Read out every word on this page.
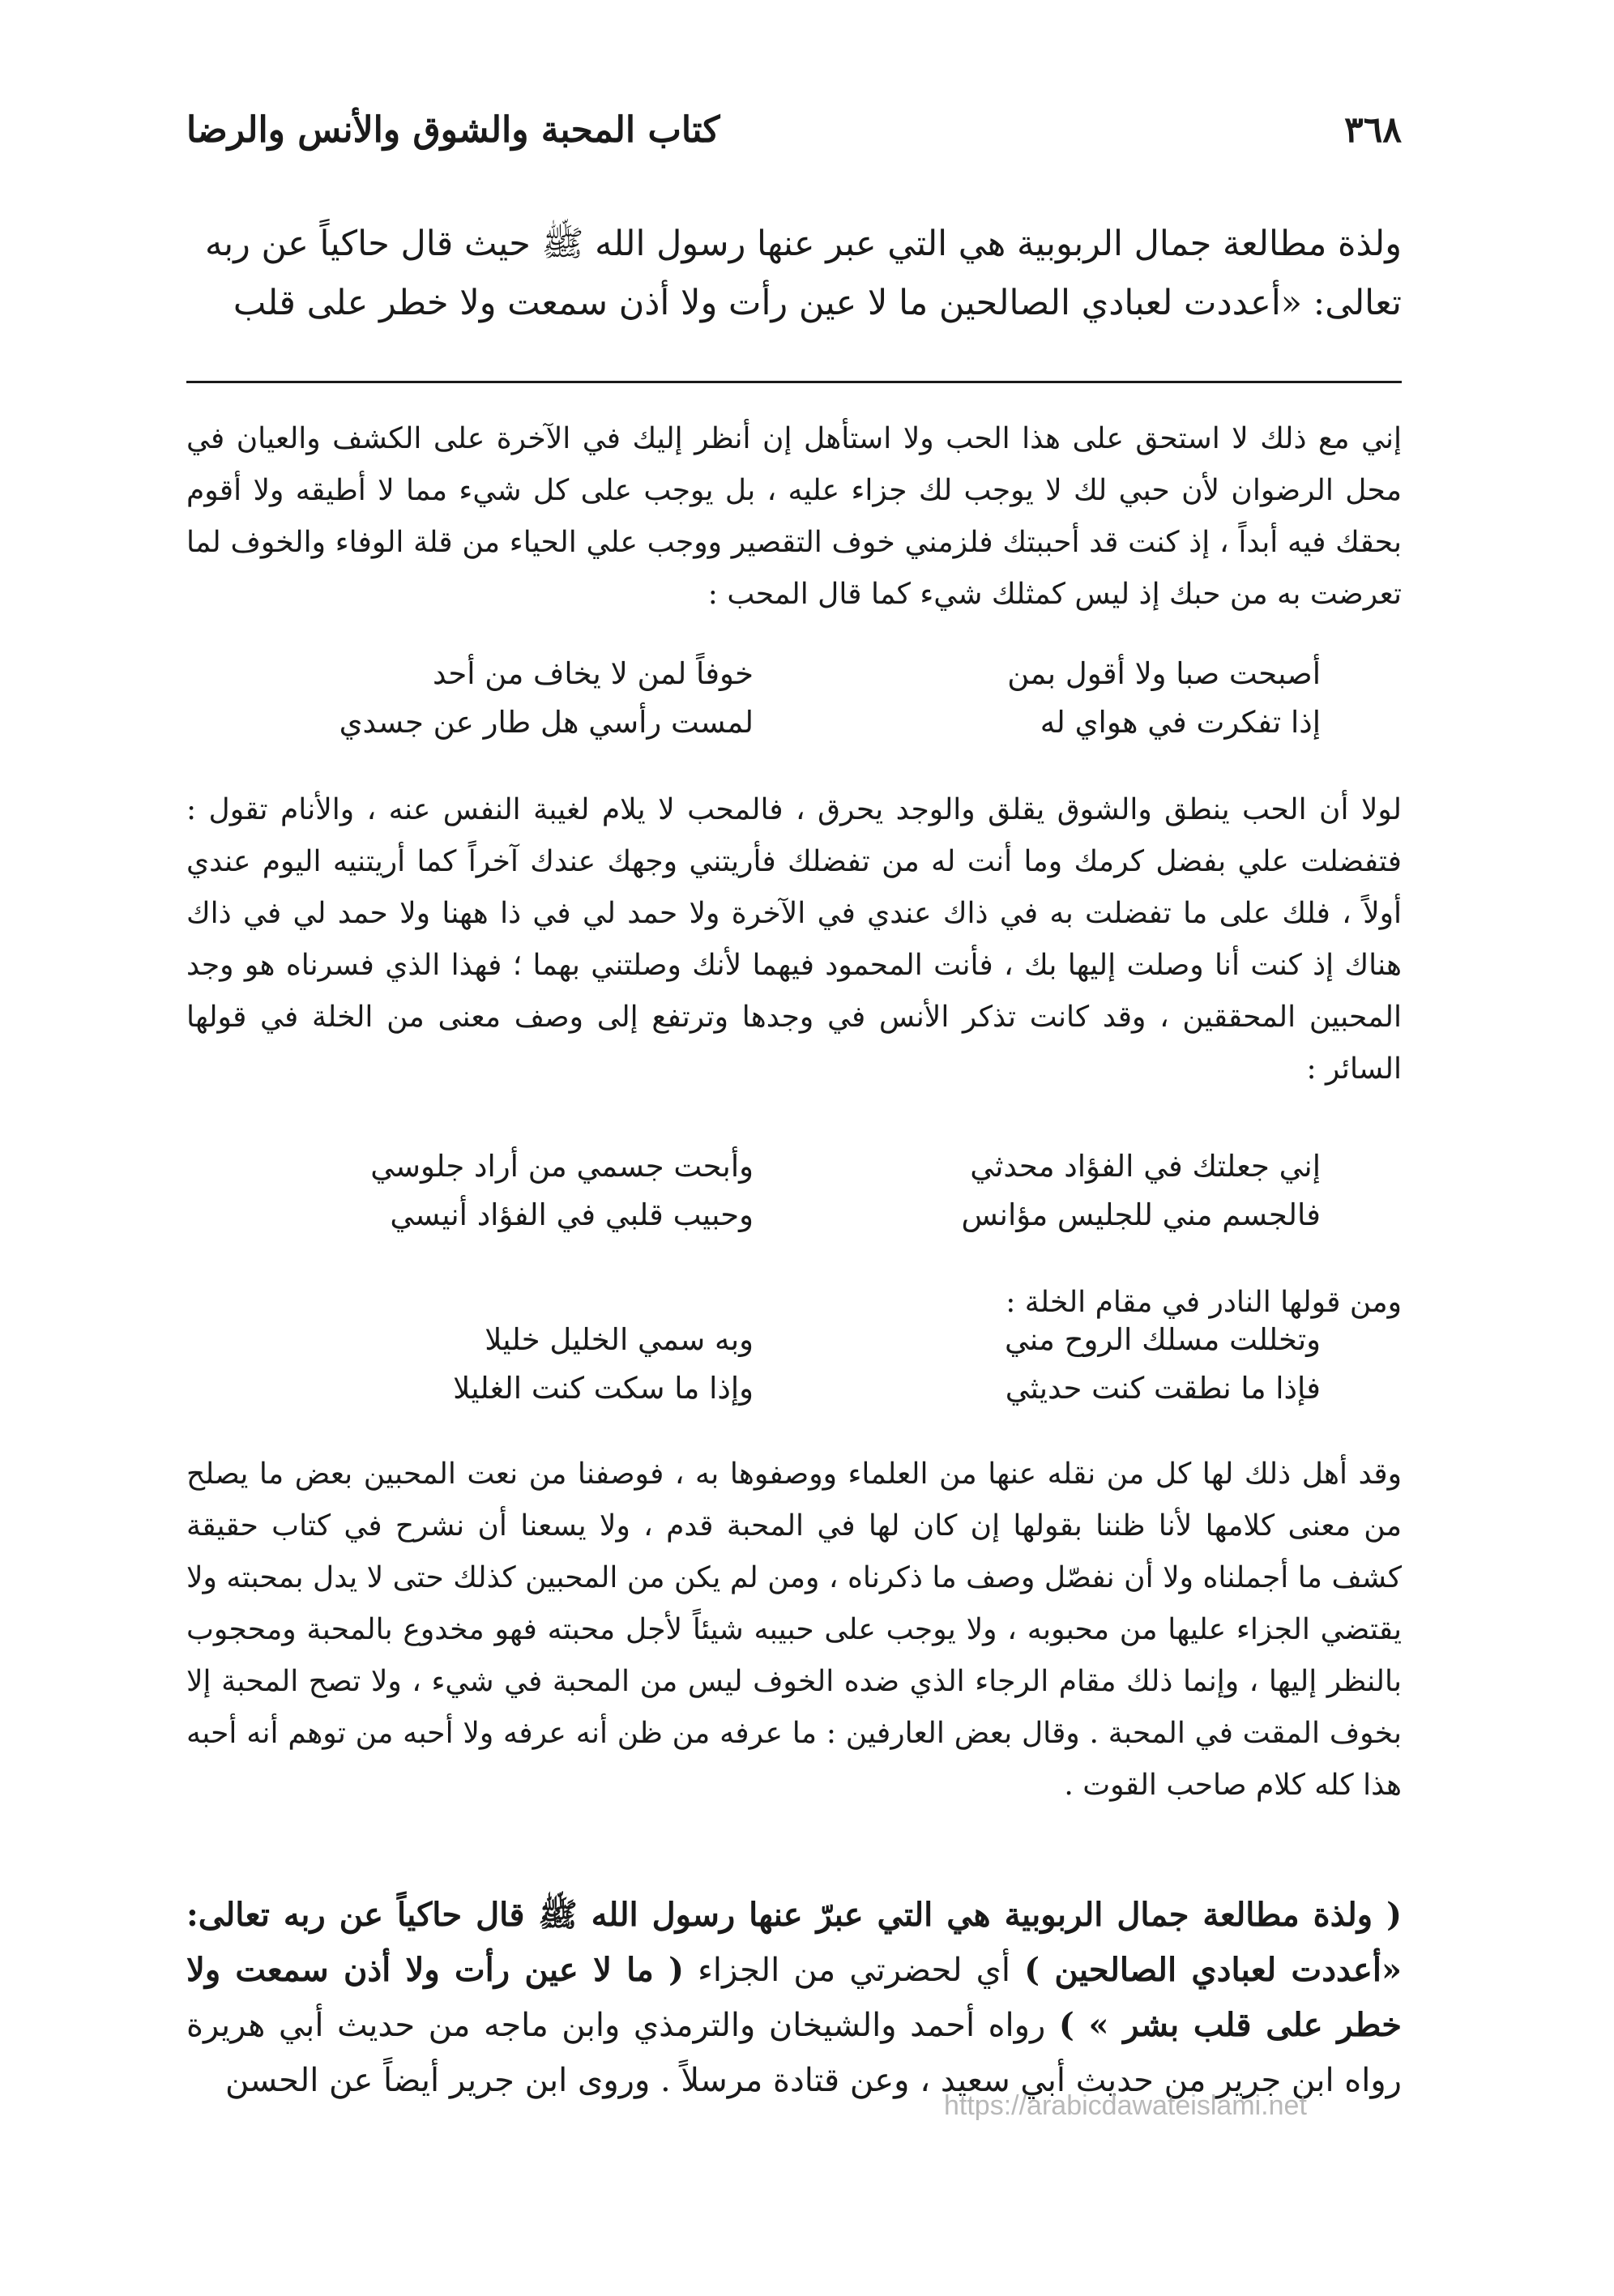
٣٦٨
كتاب المحبة والشوق والأنس والرضا

ولذة مطالعة جمال الربوبية هي التي عبر عنها رسول الله ﷺ حيث قال حاكياً عن ربه

تعالى: «أعددت لعبادي الصالحين ما لا عين رأت ولا أذن سمعت ولا خطر على قلب

إني مع ذلك لا استحق على هذا الحب ولا استأهل إن أنظر إليك في الآخرة على الكشف والعيان في محل الرضوان لأن حبي لك لا يوجب لك جزاء عليه ، بل يوجب على كل شيء مما لا أطيقه ولا أقوم بحقك فيه أبداً ، إذ كنت قد أحببتك فلزمني خوف التقصير ووجب علي الحياء من قلة الوفاء والخوف لما تعرضت به من حبك إذ ليس كمثلك شيء كما قال المحب :

أصبحت صبا ولا أقول بمن
خوفاً لمن لا يخاف من أحد
إذا تفكرت في هواي له
لمست رأسي هل طار عن جسدي

لولا أن الحب ينطق والشوق يقلق والوجد يحرق ، فالمحب لا يلام لغيبة النفس عنه ، والأنام تقول : فتفضلت علي بفضل كرمك وما أنت له من تفضلك فأريتني وجهك عندك آخراً كما أريتنيه اليوم عندي أولاً ، فلك على ما تفضلت به في ذاك عندي في الآخرة ولا حمد لي في ذا ههنا ولا حمد لي في ذاك هناك إذ كنت أنا وصلت إليها بك ، فأنت المحمود فيهما لأنك وصلتني بهما ؛ فهذا الذي فسرناه هو وجد المحبين المحققين ، وقد كانت تذكر الأنس في وجدها وترتفع إلى وصف معنى من الخلة في قولها السائر :

إني جعلتك في الفؤاد محدثي
وأبحت جسمي من أراد جلوسي
فالجسم مني للجليس مؤانس
وحبيب قلبي في الفؤاد أنيسي

ومن قولها النادر في مقام الخلة :

وتخللت مسلك الروح مني
وبه سمي الخليل خليلا
فإذا ما نطقت كنت حديثي
وإذا ما سكت كنت الغليلا

وقد أهل ذلك لها كل من نقله عنها من العلماء ووصفوها به ، فوصفنا من نعت المحبين بعض ما يصلح من معنى كلامها لأنا ظننا بقولها إن كان لها في المحبة قدم ، ولا يسعنا أن نشرح في كتاب حقيقة كشف ما أجملناه ولا أن نفصّل وصف ما ذكرناه ، ومن لم يكن من المحبين كذلك حتى لا يدل بمحبته ولا يقتضي الجزاء عليها من محبوبه ، ولا يوجب على حبيبه شيئاً لأجل محبته فهو مخدوع بالمحبة ومحجوب بالنظر إليها ، وإنما ذلك مقام الرجاء الذي ضده الخوف ليس من المحبة في شيء ، ولا تصح المحبة إلا بخوف المقت في المحبة . وقال بعض العارفين : ما عرفه من ظن أنه عرفه ولا أحبه من توهم أنه أحبه هذا كله كلام صاحب القوت .

( ولذة مطالعة جمال الربوبية هي التي عبرّ عنها رسول الله ﷺ قال حاكياً عن ربه تعالى: «أعددت لعبادي الصالحين ) أي لحضرتي من الجزاء ( ما لا عين رأت ولا أذن سمعت ولا خطر على قلب بشر » ) رواه أحمد والشيخان والترمذي وابن ماجه من حديث أبي هريرة رواه ابن جرير من حديث أبي سعيد ، وعن قتادة مرسلاً . وروى ابن جرير أيضاً عن الحسن

https://arabicdawateislami.net
